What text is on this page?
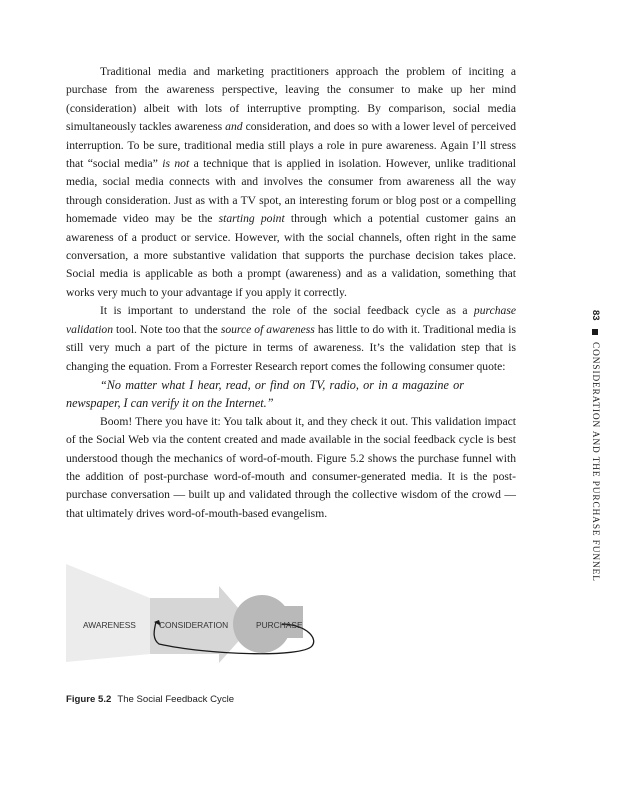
Traditional media and marketing practitioners approach the problem of inciting a purchase from the awareness perspective, leaving the consumer to make up her mind (consideration) albeit with lots of interruptive prompting. By comparison, social media simultaneously tackles awareness and consideration, and does so with a lower level of perceived interruption. To be sure, traditional media still plays a role in pure awareness. Again I’ll stress that “social media” is not a technique that is applied in isolation. However, unlike traditional media, social media connects with and involves the consumer from awareness all the way through consideration. Just as with a TV spot, an interesting forum or blog post or a compelling homemade video may be the starting point through which a potential customer gains an awareness of a product or service. However, with the social channels, often right in the same conversation, a more substantive validation that supports the purchase decision takes place. Social media is applicable as both a prompt (awareness) and as a validation, something that works very much to your advantage if you apply it correctly.

It is important to understand the role of the social feedback cycle as a purchase validation tool. Note too that the source of awareness has little to do with it. Traditional media is still very much a part of the picture in terms of awareness. It’s the validation step that is changing the equation. From a Forrester Research report comes the following consumer quote:

“No matter what I hear, read, or find on TV, radio, or in a magazine or newspaper, I can verify it on the Internet.”

Boom! There you have it: You talk about it, and they check it out. This validation impact of the Social Web via the content created and made available in the social feedback cycle is best understood though the mechanics of word-of-mouth. Figure 5.2 shows the purchase funnel with the addition of post-purchase word-of-mouth and consumer-generated media. It is the post-purchase conversation — built up and validated through the collective wisdom of the crowd — that ultimately drives word-of-mouth-based evangelism.

83  CONSIDERATION AND THE PURCHASE FUNNEL
AWARENESS	CONSIDERATION	PURCHASE
Figure 5.2 The Social Feedback Cycle
